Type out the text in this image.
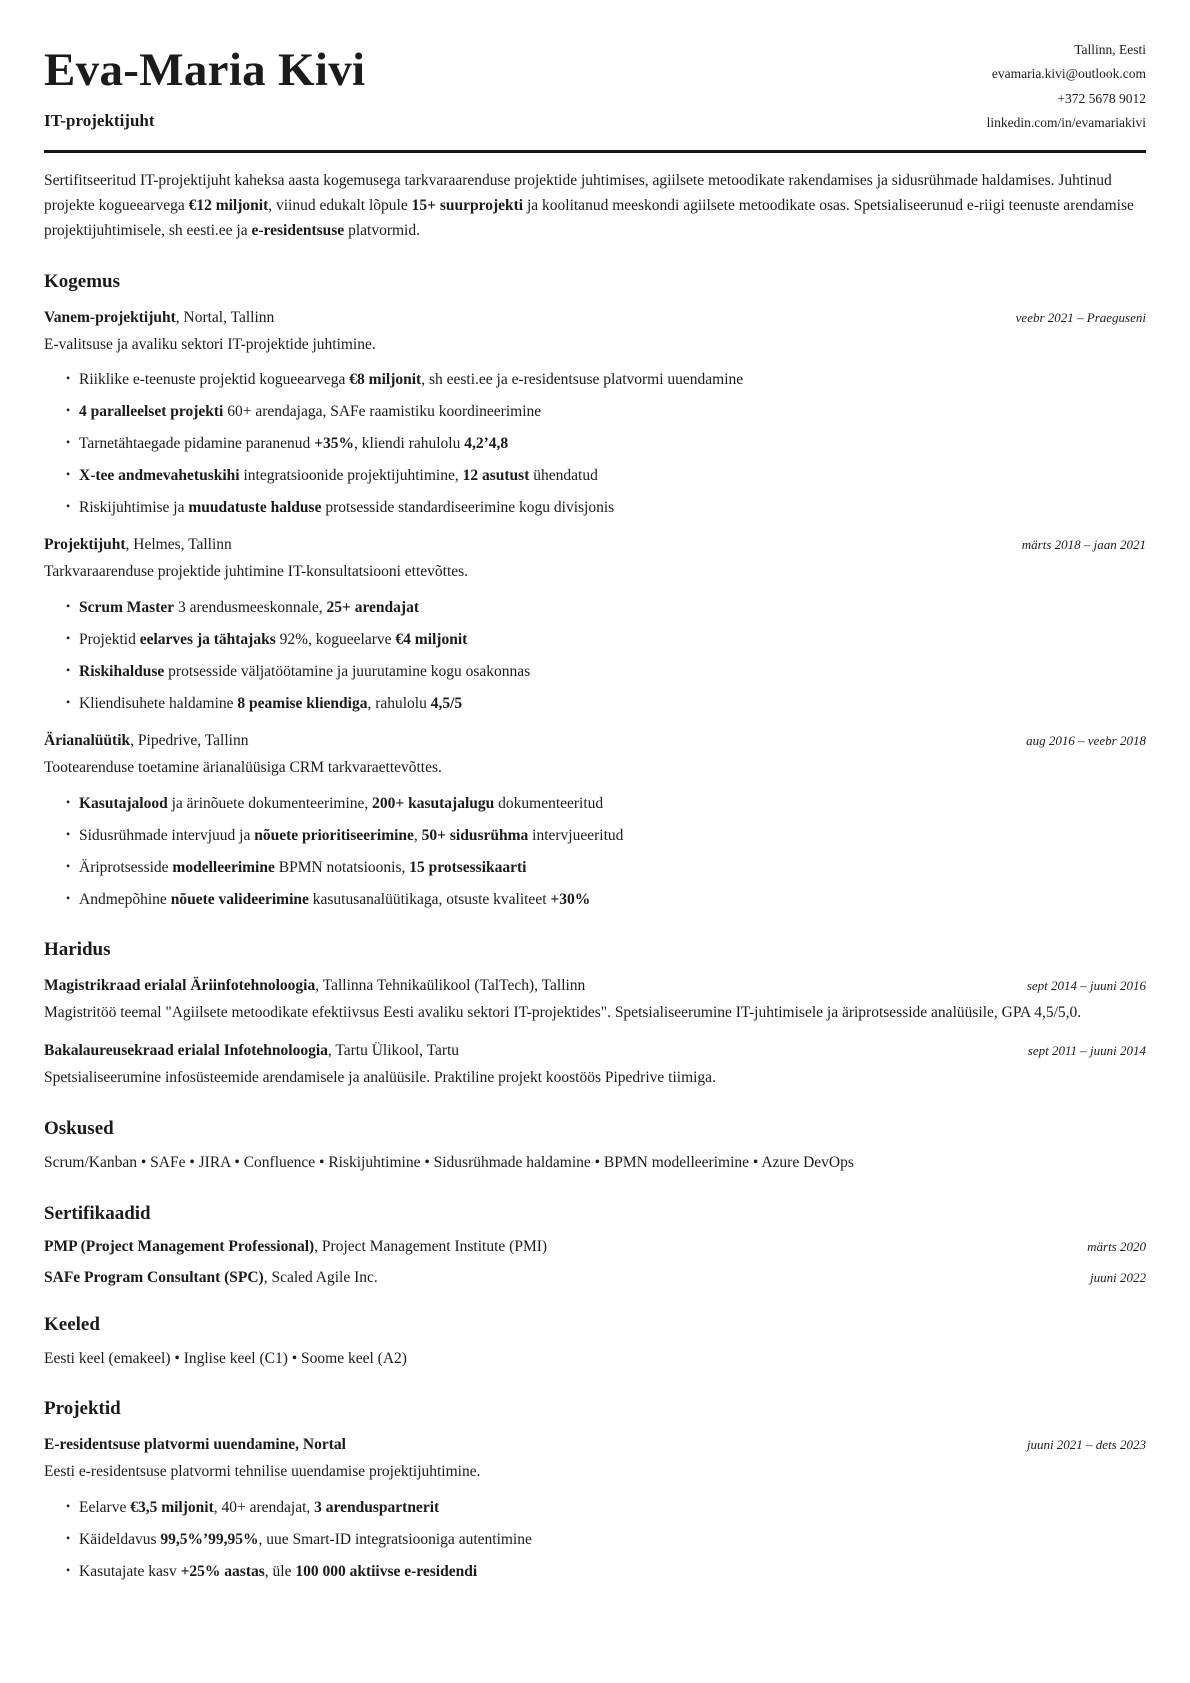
Eva-Maria Kivi
IT-projektijuht
Tallinn, Eesti
evamaria.kivi@outlook.com
+372 5678 9012
linkedin.com/in/evamariakivi

Sertifitseeritud IT-projektijuht kaheksa aasta kogemusega tarkvaraarenduse projektide juhtimises, agiilsete metoodikate rakendamises ja sidusrühmade haldamises. Juhtinud projekte kogueearvega €12 miljonit, viinud edukalt lõpule 15+ suurprojekti ja koolitanud meeskondi agiilsete metoodikate osas. Spetsialiseerunud e-riigi teenuste arendamise projektijuhtimisele, sh eesti.ee ja e-residentsuse platvormid.

Kogemus
Vanem-projektijuht, Nortal, Tallinn	veebr 2021 – Praeguseni
E-valitsuse ja avaliku sektori IT-projektide juhtimine.
• Riiklike e-teenuste projektid kogueearvega €8 miljonit, sh eesti.ee ja e-residentsuse platvormi uuendamine
• 4 paralleelset projekti 60+ arendajaga, SAFe raamistiku koordineerimine
• Tarnetähtaegade pidamine paranenud +35%, kliendi rahulolu 4,2ʼ4,8
• X-tee andmevahetuskihi integratsioonide projektijuhtimine, 12 asutust ühendatud
• Riskijuhtimise ja muudatuste halduse protsesside standardiseerimine kogu divisjonis
Projektijuht, Helmes, Tallinn	märts 2018 – jaan 2021
Tarkvaraarenduse projektide juhtimine IT-konsultatsiooni ettevõttes.
• Scrum Master 3 arendusmeeskonnale, 25+ arendajat
• Projektid eelarves ja tähtajaks 92%, kogueelarve €4 miljonit
• Riskihalduse protsesside väljatöötamine ja juurutamine kogu osakonnas
• Kliendisuhete haldamine 8 peamise kliendiga, rahulolu 4,5/5
Ärianalüütik, Pipedrive, Tallinn	aug 2016 – veebr 2018
Tootearenduse toetamine ärianalüüsiga CRM tarkvaraettevõttes.
• Kasutajalood ja ärinõuete dokumenteerimine, 200+ kasutajalugu dokumenteeritud
• Sidusrühmade intervjuud ja nõuete prioritiseerimine, 50+ sidusrühma intervjueeritud
• Äriprotsesside modelleerimine BPMN notatsioonis, 15 protsessikaarti
• Andmepõhine nõuete valideerimine kasutusanalüütikaga, otsuste kvaliteet +30%
Haridus
Magistrikraad erialal Äriinfotehnoloogia, Tallinna Tehnikaülikool (TalTech), Tallinn	sept 2014 – juuni 2016
Magistritöö teemal "Agiilsete metoodikate efektiivsus Eesti avaliku sektori IT-projektides". Spetsialiseerumine IT-juhtimisele ja äriprotsesside analüüsile, GPA 4,5/5,0.
Bakalaureusekraad erialal Infotehnoloogia, Tartu Ülikool, Tartu	sept 2011 – juuni 2014
Spetsialiseerumine infosüsteemide arendamisele ja analüüsile. Praktiline projekt koostöös Pipedrive tiimiga.
Oskused
Scrum/Kanban • SAFe • JIRA • Confluence • Riskijuhtimine • Sidusrühmade haldamine • BPMN modelleerimine • Azure DevOps
Sertifikaadid
PMP (Project Management Professional), Project Management Institute (PMI)	märts 2020
SAFe Program Consultant (SPC), Scaled Agile Inc.	juuni 2022
Keeled
Eesti keel (emakeel) • Inglise keel (C1) • Soome keel (A2)
Projektid
E-residentsuse platvormi uuendamine, Nortal	juuni 2021 – dets 2023
Eesti e-residentsuse platvormi tehnilise uuendamise projektijuhtimine.
• Eelarve €3,5 miljonit, 40+ arendajat, 3 arenduspartnerit
• Käideldavus 99,5%ʼ99,95%, uue Smart-ID integratsiooniga autentimine
• Kasutajate kasv +25% aastas, üle 100 000 aktiivse e-residendi
